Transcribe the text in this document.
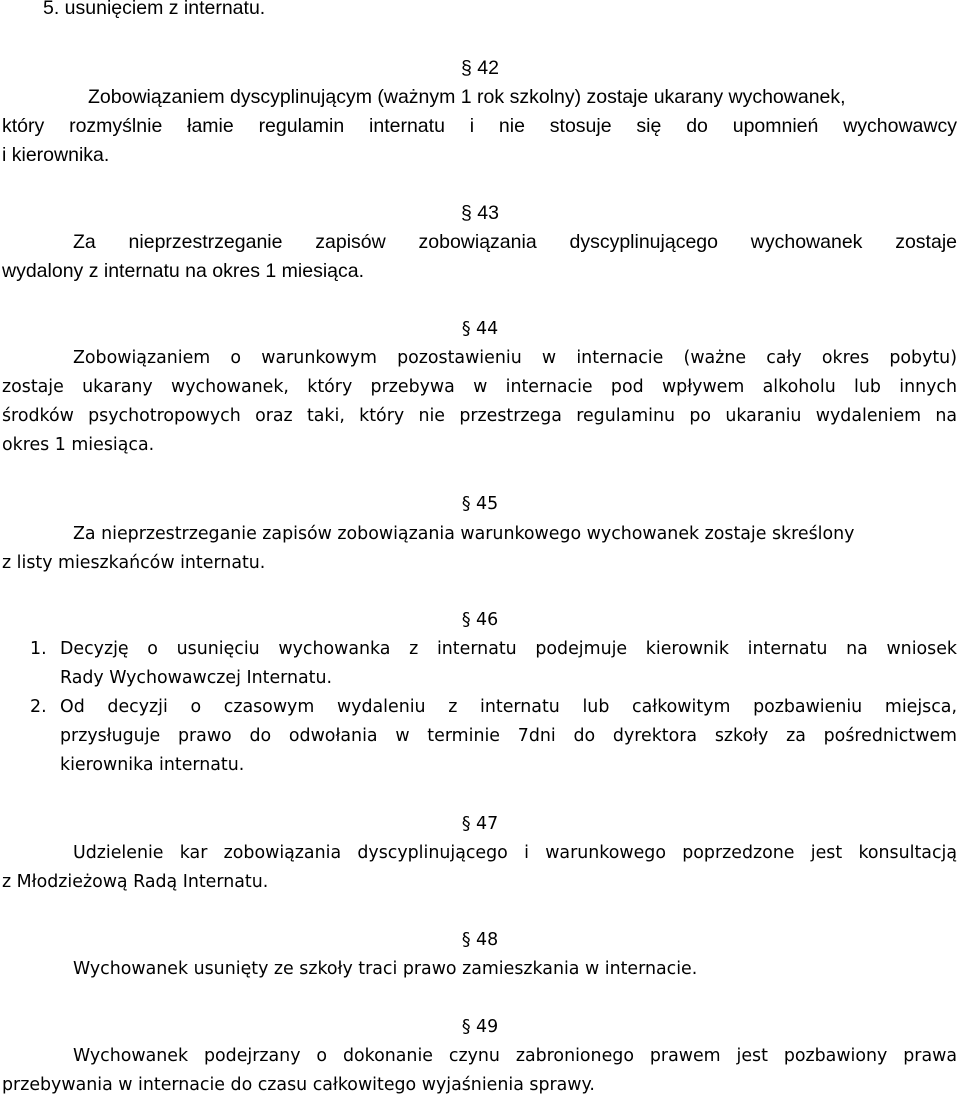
5. usunięciem z internatu.
§ 42
Zobowiązaniem dyscyplinującym (ważnym 1 rok szkolny) zostaje ukarany wychowanek,
który rozmyślnie łamie regulamin internatu i nie stosuje się do upomnień wychowawcy
i kierownika.
§ 43
Za nieprzestrzeganie zapisów zobowiązania dyscyplinującego wychowanek zostaje
wydalony z internatu na okres 1 miesiąca.
§ 44
Zobowiązaniem o warunkowym pozostawieniu w internacie (ważne cały okres pobytu)
zostaje ukarany wychowanek, który przebywa w internacie pod wpływem alkoholu lub innych
środków psychotropowych oraz taki, który nie przestrzega regulaminu po ukaraniu wydaleniem na
okres 1 miesiąca.
§ 45
Za nieprzestrzeganie zapisów zobowiązania warunkowego wychowanek zostaje skreślony
z listy mieszkańców internatu.
§ 46
1. Decyzję o usunięciu wychowanka z internatu podejmuje kierownik internatu na wniosek
Rady Wychowawczej Internatu.
2. Od decyzji o czasowym wydaleniu z internatu lub całkowitym pozbawieniu miejsca,
przysługuje prawo do odwołania w terminie 7dni do dyrektora szkoły za pośrednictwem
kierownika internatu.
§ 47
Udzielenie kar zobowiązania dyscyplinującego i warunkowego poprzedzone jest konsultacją
z Młodzieżową Radą Internatu.
§ 48
Wychowanek usunięty ze szkoły traci prawo zamieszkania w internacie.
§ 49
Wychowanek podejrzany o dokonanie czynu zabronionego prawem jest pozbawiony prawa
przebywania w internacie do czasu całkowitego wyjaśnienia sprawy.
